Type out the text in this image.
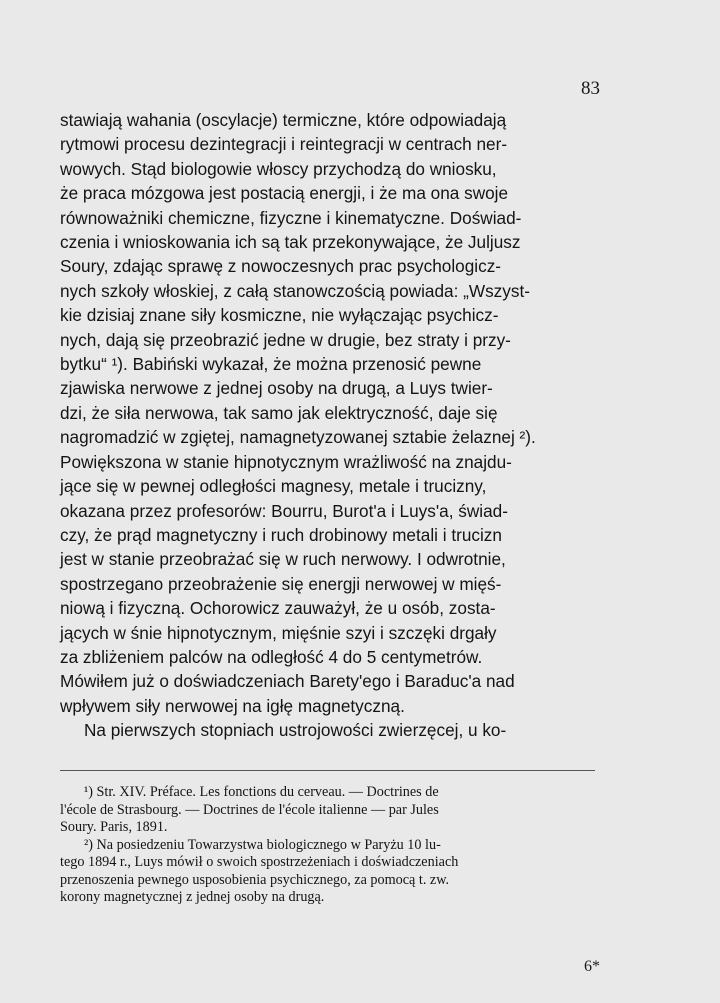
83
stawiają wahania (oscylacje) termiczne, które odpowiadają
rytmowi procesu dezintegracji i reintegracji w centrach ner-
wowych. Stąd biologowie włoscy przychodzą do wniosku,
że praca mózgowa jest postacią energji, i że ma ona swoje
równoważniki chemiczne, fizyczne i kinematyczne. Doświad-
czenia i wnioskowania ich są tak przekonywające, że Juljusz
Soury, zdając sprawę z nowoczesnych prac psychologicz-
nych szkoły włoskiej, z całą stanowczością powiada: „Wszyst-
kie dzisiaj znane siły kosmiczne, nie wyłączając psychicz-
nych, dają się przeobrazić jedne w drugie, bez straty i przy-
bytku“ ¹). Babiński wykazał, że można przenosić pewne
zjawiska nerwowe z jednej osoby na drugą, a Luys twier-
dzi, że siła nerwowa, tak samo jak elektryczność, daje się
nagromadzić w zgiętej, namagnetyzowanej sztabie żelaznej ²).
Powiększona w stanie hipnotycznym wrażliwość na znajdu-
jące się w pewnej odległości magnesy, metale i trucizny,
okazana przez profesorów: Bourru, Burot'a i Luys'a, świad-
czy, że prąd magnetyczny i ruch drobinowy metali i trucizn
jest w stanie przeobrażać się w ruch nerwowy. I odwrotnie,
spostrzegano przeobrażenie się energji nerwowej w mięś-
niową i fizyczną. Ochorowicz zauważył, że u osób, zosta-
jących w śnie hipnotycznym, mięśnie szyi i szczęki drgały
za zbliżeniem palców na odległość 4 do 5 centymetrów.
Mówiłem już o doświadczeniach Barety'ego i Baraduc'a nad
wpływem siły nerwowej na igłę magnetyczną.
Na pierwszych stopniach ustrojowości zwierzęcej, u ko-
¹) Str. XIV. Préface. Les fonctions du cerveau. — Doctrines de
l'école de Strasbourg. — Doctrines de l'école italienne — par Jules
Soury. Paris, 1891.
²) Na posiedzeniu Towarzystwa biologicznego w Paryżu 10 lu-
tego 1894 r., Luys mówił o swoich spostrzeżeniach i doświadczeniach
przenoszenia pewnego usposobienia psychicznego, za pomocą t. zw.
korony magnetycznej z jednej osoby na drugą.
6*
